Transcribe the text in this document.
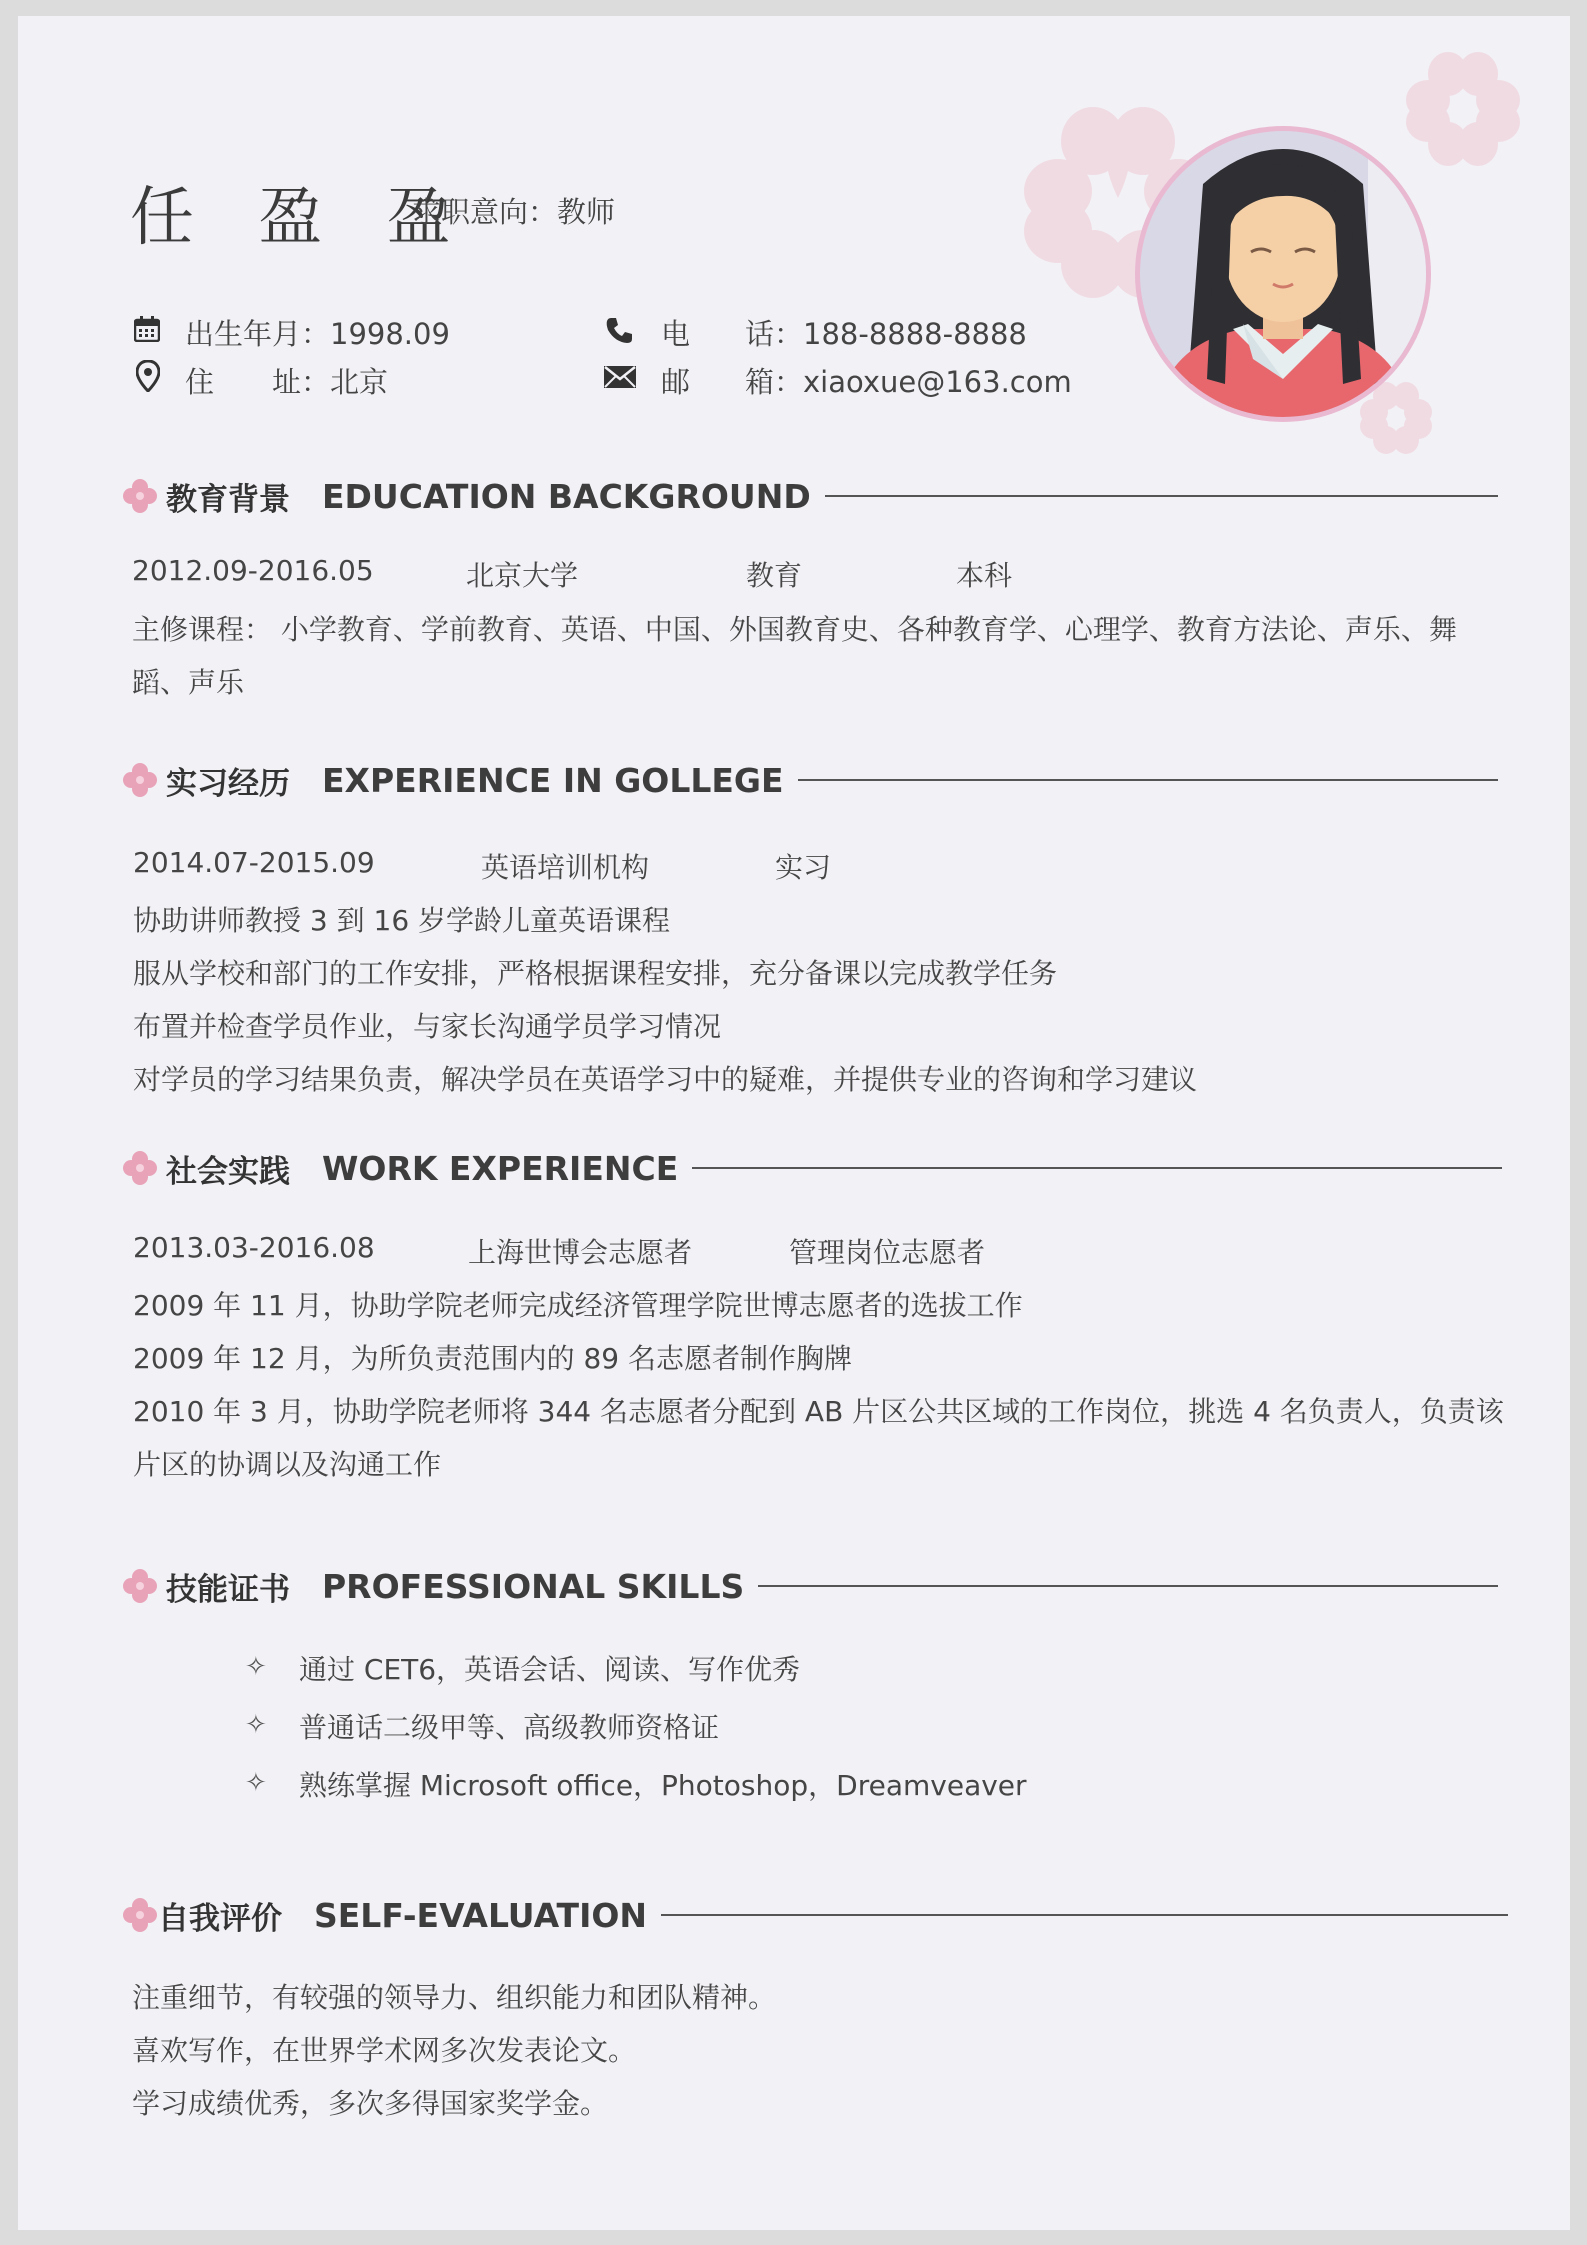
任 盈 盈
求职意向：教师
出生年月：1998.09
住　　址：北京
电 话：188-8888-8888
邮 箱：xiaoxue@163.com
教育背景 EDUCATION BACKGROUND
2012.09-2016.05	北京大学	教育	本科
主修课程： 小学教育、学前教育、英语、中国、外国教育史、各种教育学、心理学、教育方法论、声乐、舞
蹈、声乐
实习经历 EXPERIENCE IN GOLLEGE
2014.07-2015.09	英语培训机构	实习
协助讲师教授 3 到 16 岁学龄儿童英语课程
服从学校和部门的工作安排，严格根据课程安排，充分备课以完成教学任务
布置并检查学员作业，与家长沟通学员学习情况
对学员的学习结果负责，解决学员在英语学习中的疑难，并提供专业的咨询和学习建议
社会实践 WORK EXPERIENCE
2013.03-2016.08	上海世博会志愿者	管理岗位志愿者
2009 年 11 月，协助学院老师完成经济管理学院世博志愿者的选拔工作
2009 年 12 月，为所负责范围内的 89 名志愿者制作胸牌
2010 年 3 月，协助学院老师将 344 名志愿者分配到 AB 片区公共区域的工作岗位，挑选 4 名负责人，负责该
片区的协调以及沟通工作
技能证书 PROFESSIONAL SKILLS
✧ 通过 CET6，英语会话、阅读、写作优秀
✧ 普通话二级甲等、高级教师资格证
✧ 熟练掌握 Microsoft office，Photoshop，Dreamveaver
自我评价 SELF-EVALUATION
注重细节，有较强的领导力、组织能力和团队精神。
喜欢写作，在世界学术网多次发表论文。
学习成绩优秀，多次多得国家奖学金。
